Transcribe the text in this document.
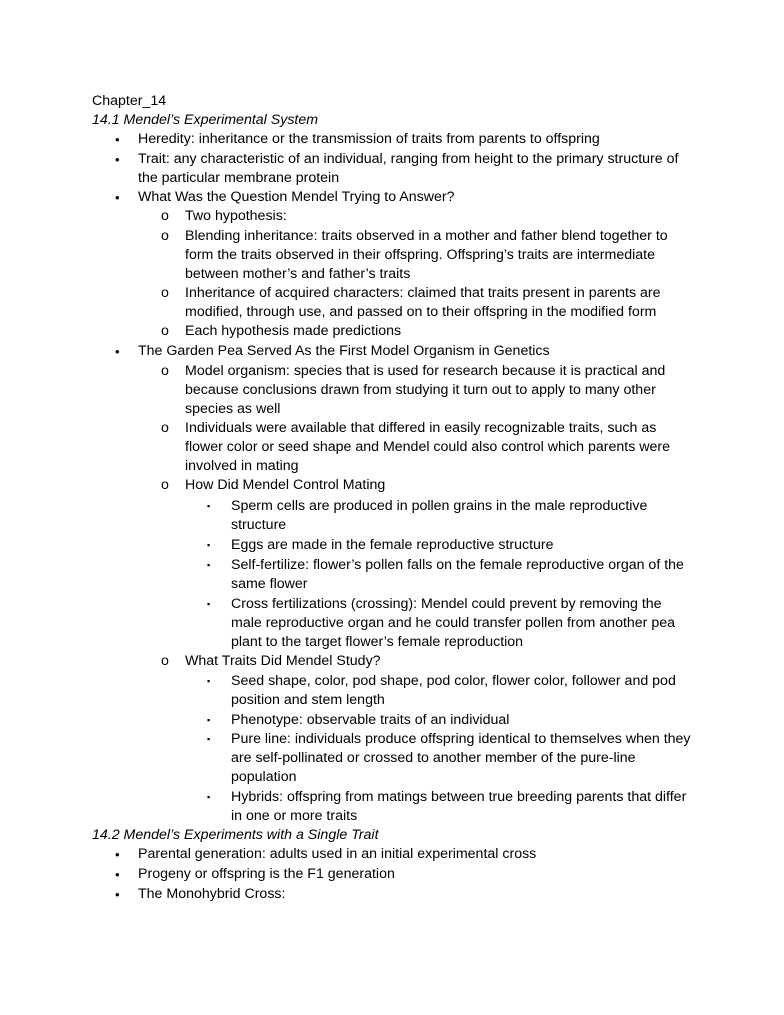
Chapter_14
14.1 Mendel’s Experimental System
• Heredity: inheritance or the transmission of traits from parents to offspring
• Trait: any characteristic of an individual, ranging from height to the primary structure of
the particular membrane protein
• What Was the Question Mendel Trying to Answer?
o Two hypothesis:
o Blending inheritance: traits observed in a mother and father blend together to
form the traits observed in their offspring. Offspring’s traits are intermediate
between mother’s and father’s traits
o Inheritance of acquired characters: claimed that traits present in parents are
modified, through use, and passed on to their offspring in the modified form
o Each hypothesis made predictions
• The Garden Pea Served As the First Model Organism in Genetics
o Model organism: species that is used for research because it is practical and
because conclusions drawn from studying it turn out to apply to many other
species as well
o Individuals were available that differed in easily recognizable traits, such as
flower color or seed shape and Mendel could also control which parents were
involved in mating
o How Did Mendel Control Mating
▪ Sperm cells are produced in pollen grains in the male reproductive
structure
▪ Eggs are made in the female reproductive structure
▪ Self-fertilize: flower’s pollen falls on the female reproductive organ of the
same flower
▪ Cross fertilizations (crossing): Mendel could prevent by removing the
male reproductive organ and he could transfer pollen from another pea
plant to the target flower’s female reproduction
o What Traits Did Mendel Study?
▪ Seed shape, color, pod shape, pod color, flower color, follower and pod
position and stem length
▪ Phenotype: observable traits of an individual
▪ Pure line: individuals produce offspring identical to themselves when they
are self-pollinated or crossed to another member of the pure-line
population
▪ Hybrids: offspring from matings between true breeding parents that differ
in one or more traits
14.2 Mendel’s Experiments with a Single Trait
• Parental generation: adults used in an initial experimental cross
• Progeny or offspring is the F1 generation
• The Monohybrid Cross:
